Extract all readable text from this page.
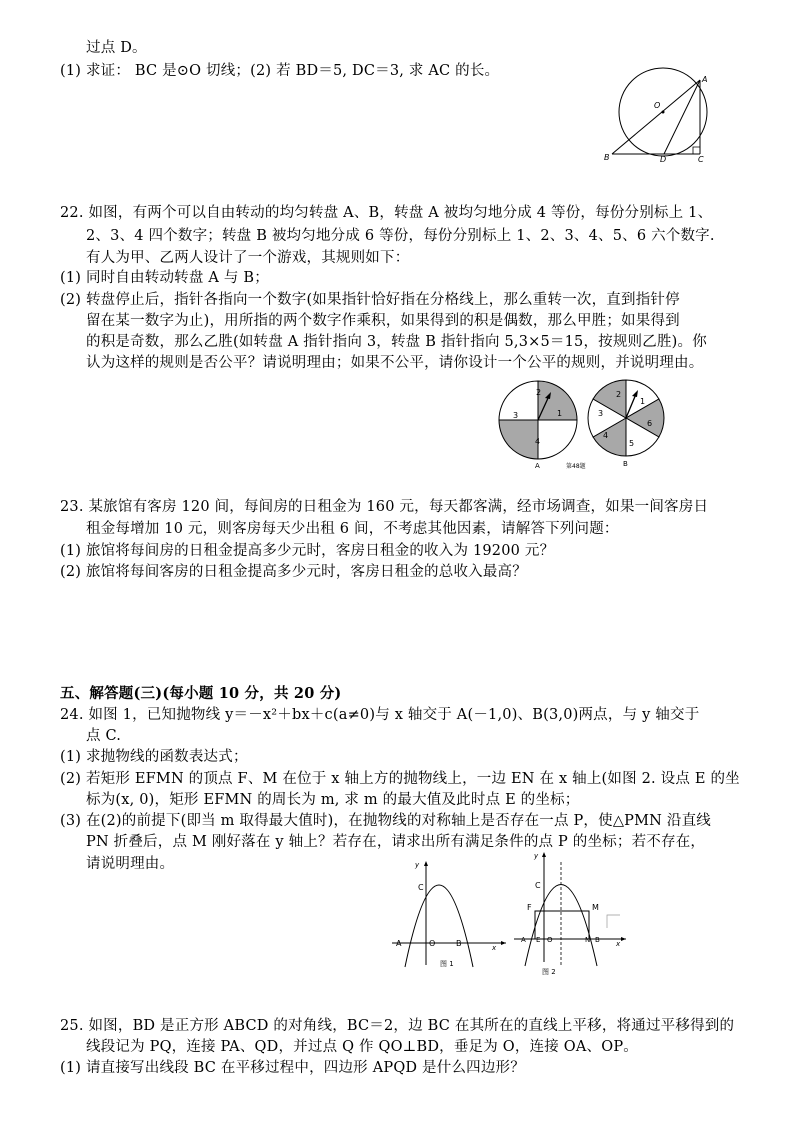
过点 D。
(1) 求证： BC 是⊙O 切线；(2) 若 BD＝5, DC＝3, 求 AC 的长。
A
O
B	D	C
22. 如图，有两个可以自由转动的均匀转盘 A、B，转盘 A 被均匀地分成 4 等份，每份分别标上 1、
2、3、4 四个数字；转盘 B 被均匀地分成 6 等份，每份分别标上 1、2、3、4、5、6 六个数字.
有人为甲、乙两人设计了一个游戏，其规则如下：
(1) 同时自由转动转盘 A 与 B；
(2) 转盘停止后，指针各指向一个数字(如果指针恰好指在分格线上，那么重转一次，直到指针停
留在某一数字为止)，用所指的两个数字作乘积，如果得到的积是偶数，那么甲胜；如果得到
的积是奇数，那么乙胜(如转盘 A 指针指向 3，转盘 B 指针指向 5,3×5＝15，按规则乙胜)。你
认为这样的规则是否公平？请说明理由；如果不公平，请你设计一个公平的规则，并说明理由。
1
2
3
4
A
1
2
3
4
5
6
B
第48题
23. 某旅馆有客房 120 间，每间房的日租金为 160 元，每天都客满，经市场调查，如果一间客房日
租金每增加 10 元，则客房每天少出租 6 间，不考虑其他因素，请解答下列问题：
(1) 旅馆将每间房的日租金提高多少元时，客房日租金的收入为 19200 元？
(2) 旅馆将每间客房的日租金提高多少元时，客房日租金的总收入最高？
五、解答题(三)(每小题 10 分，共 20 分)
24. 如图 1，已知抛物线 y＝－x²＋bx＋c(a≠0)与 x 轴交于 A(－1,0)、B(3,0)两点，与 y 轴交于
点 C.
(1) 求抛物线的函数表达式；
(2) 若矩形 EFMN 的顶点 F、M 在位于 x 轴上方的抛物线上，一边 EN 在 x 轴上(如图 2. 设点 E 的坐
标为(x, 0)，矩形 EFMN 的周长为 m, 求 m 的最大值及此时点 E 的坐标；
(3) 在(2)的前提下(即当 m 取得最大值时)，在抛物线的对称轴上是否存在一点 P，使△PMN 沿直线
PN 折叠后，点 M 刚好落在 y 轴上？若存在，请求出所有满足条件的点 P 的坐标；若不存在，
请说明理由。	y
C
A	O	B	x
图 1
y
C
F	M
A E O	N B x
图 2
25. 如图，BD 是正方形 ABCD 的对角线，BC＝2，边 BC 在其所在的直线上平移，将通过平移得到的
线段记为 PQ，连接 PA、QD，并过点 Q 作 QO⊥BD，垂足为 O，连接 OA、OP。
(1) 请直接写出线段 BC 在平移过程中，四边形 APQD 是什么四边形？
